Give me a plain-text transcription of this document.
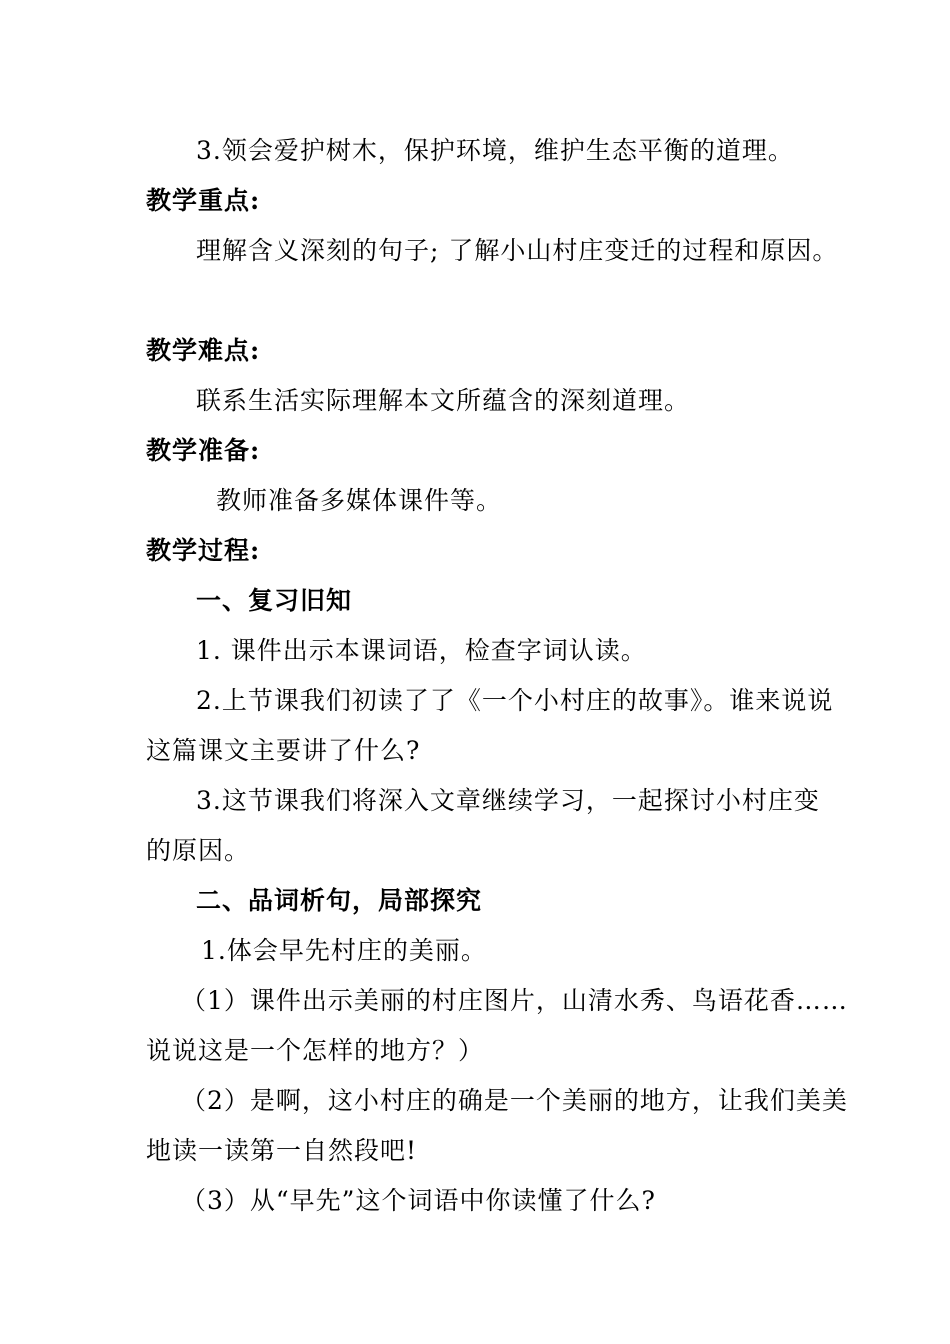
3.领会爱护树木，保护环境，维护生态平衡的道理。
教学重点:
理解含义深刻的句子; 了解小山村庄变迁的过程和原因。
教学难点:
联系生活实际理解本文所蕴含的深刻道理。
教学准备:
教师准备多媒体课件等。
教学过程:
一、复习旧知
1. 课件出示本课词语，检查字词认读。
2.上节课我们初读了了《一个小村庄的故事》。谁来说说
这篇课文主要讲了什么?
3.这节课我们将深入文章继续学习，一起探讨小村庄变
的原因。
二、品词析句，局部探究
1.体会早先村庄的美丽。
（1）课件出示美丽的村庄图片，山清水秀、鸟语花香……
说说这是一个怎样的地方？）
（2）是啊，这小村庄的确是一个美丽的地方，让我们美美
地读一读第一自然段吧!
（3）从“早先”这个词语中你读懂了什么?
